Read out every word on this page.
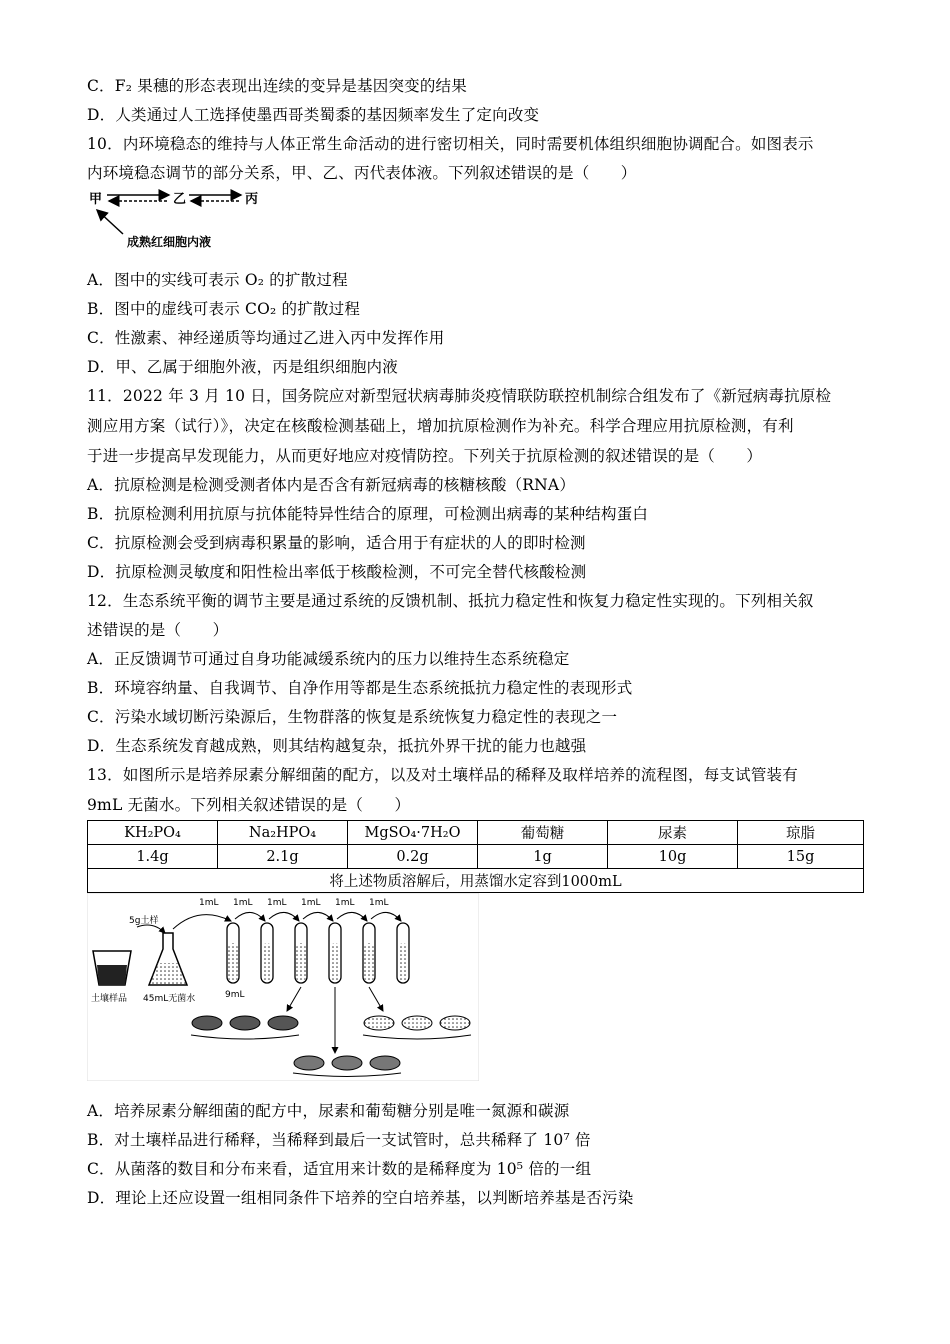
C．F₂ 果穗的形态表现出连续的变异是基因突变的结果
D．人类通过人工选择使墨西哥类蜀黍的基因频率发生了定向改变
10．内环境稳态的维持与人体正常生命活动的进行密切相关，同时需要机体组织细胞协调配合。如图表示
内环境稳态调节的部分关系，甲、乙、丙代表体液。下列叙述错误的是（　　）
甲	乙	丙
成熟红细胞内液
A．图中的实线可表示 O₂ 的扩散过程
B．图中的虚线可表示 CO₂ 的扩散过程
C．性激素、神经递质等均通过乙进入丙中发挥作用
D．甲、乙属于细胞外液，丙是组织细胞内液
11．2022 年 3 月 10 日，国务院应对新型冠状病毒肺炎疫情联防联控机制综合组发布了《新冠病毒抗原检
测应用方案（试行）》，决定在核酸检测基础上，增加抗原检测作为补充。科学合理应用抗原检测，有利
于进一步提高早发现能力，从而更好地应对疫情防控。下列关于抗原检测的叙述错误的是（　　）
A．抗原检测是检测受测者体内是否含有新冠病毒的核糖核酸（RNA）
B．抗原检测利用抗原与抗体能特异性结合的原理，可检测出病毒的某种结构蛋白
C．抗原检测会受到病毒积累量的影响，适合用于有症状的人的即时检测
D．抗原检测灵敏度和阳性检出率低于核酸检测，不可完全替代核酸检测
12．生态系统平衡的调节主要是通过系统的反馈机制、抵抗力稳定性和恢复力稳定性实现的。下列相关叙
述错误的是（　　）
A．正反馈调节可通过自身功能减缓系统内的压力以维持生态系统稳定
B．环境容纳量、自我调节、自净作用等都是生态系统抵抗力稳定性的表现形式
C．污染水域切断污染源后，生物群落的恢复是系统恢复力稳定性的表现之一
D．生态系统发育越成熟，则其结构越复杂，抵抗外界干扰的能力也越强
13．如图所示是培养尿素分解细菌的配方，以及对土壤样品的稀释及取样培养的流程图，每支试管装有
9mL 无菌水。下列相关叙述错误的是（　　）
KH₂PO₄	Na₂HPO₄	MgSO₄·7H₂O	葡萄糖	尿素	琼脂
1.4g	2.1g	0.2g	1g	10g	15g
将上述物质溶解后，用蒸馏水定容到1000mL					
土壤样品
5g土样
45mL无菌水	9mL
1mL 1mL 1mL 1mL 1mL 1mL
A．培养尿素分解细菌的配方中，尿素和葡萄糖分别是唯一氮源和碳源
B．对土壤样品进行稀释，当稀释到最后一支试管时，总共稀释了 10⁷ 倍
C．从菌落的数目和分布来看，适宜用来计数的是稀释度为 10⁵ 倍的一组
D．理论上还应设置一组相同条件下培养的空白培养基，以判断培养基是否污染
